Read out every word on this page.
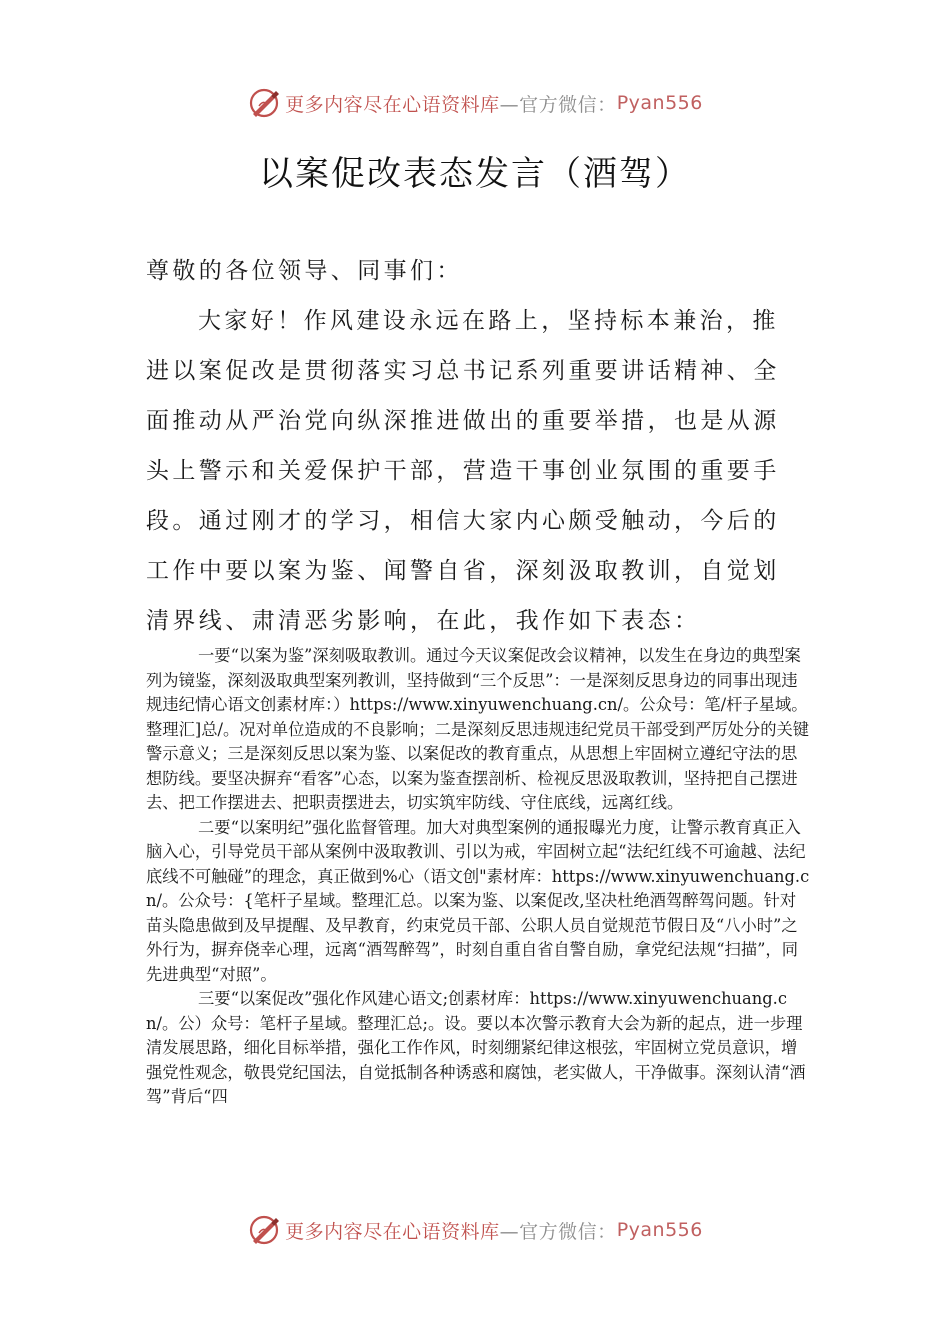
更多内容尽在心语资料库 —官方微信： Pyan556
以案促改表态发言（酒驾）
尊敬的各位领导、同事们：
大家好！作风建设永远在路上，坚持标本兼治，推进以案促改是贯彻落实习总书记系列重要讲话精神、全面推动从严治党向纵深推进做出的重要举措，也是从源头上警示和关爱保护干部，营造干事创业氛围的重要手段。通过刚才的学习，相信大家内心颇受触动，今后的工作中要以案为鉴、闻警自省，深刻汲取教训，自觉划清界线、肃清恶劣影响，在此，我作如下表态：

一要“以案为鉴”深刻吸取教训。通过今天议案促改会议精神，以发生在身边的典型案列为镜鉴，深刻汲取典型案列教训，坚持做到“三个反思”：一是深刻反思身边的同事出现违规违纪情心语文创素材库：）https://www.xinyuwenchuang.cn/。公众号：笔/杆子星域。整理汇]总/。况对单位造成的不良影响；二是深刻反思违规违纪党员干部受到严厉处分的关键警示意义；三是深刻反思以案为鉴、以案促改的教育重点，从思想上牢固树立遵纪守法的思想防线。要坚决摒弃“看客”心态，以案为鉴查摆剖析、检视反思汲取教训，坚持把自己摆进去、把工作摆进去、把职责摆进去，切实筑牢防线、守住底线，远离红线。

二要“以案明纪”强化监督管理。加大对典型案例的通报曝光力度，让警示教育真正入脑入心，引导党员干部从案例中汲取教训、引以为戒，牢固树立起“法纪红线不可逾越、法纪底线不可触碰”的理念，真正做到%心（语文创"素材库：https://www.xinyuwenchuang.cn/。公众号：{笔杆子星域。整理汇总。以案为鉴、以案促改,坚决杜绝酒驾醉驾问题。针对苗头隐患做到及早提醒、及早教育，约束党员干部、公职人员自觉规范节假日及“八小时”之外行为，摒弃侥幸心理，远离“酒驾醉驾”，时刻自重自省自警自励，拿党纪法规“扫描”，同先进典型“对照”。

三要“以案促改”强化作风建心语文;创素材库：https://www.xinyuwenchuang.cn/。公）众号：笔杆子星域。整理汇总;。设。要以本次警示教育大会为新的起点，进一步理清发展思路，细化目标举措，强化工作作风，时刻绷紧纪律这根弦，牢固树立党员意识，增强党性观念，敬畏党纪国法，自觉抵制各种诱惑和腐蚀，老实做人，干净做事。深刻认清“酒驾”背后“四

更多内容尽在心语资料库 —官方微信： Pyan556
